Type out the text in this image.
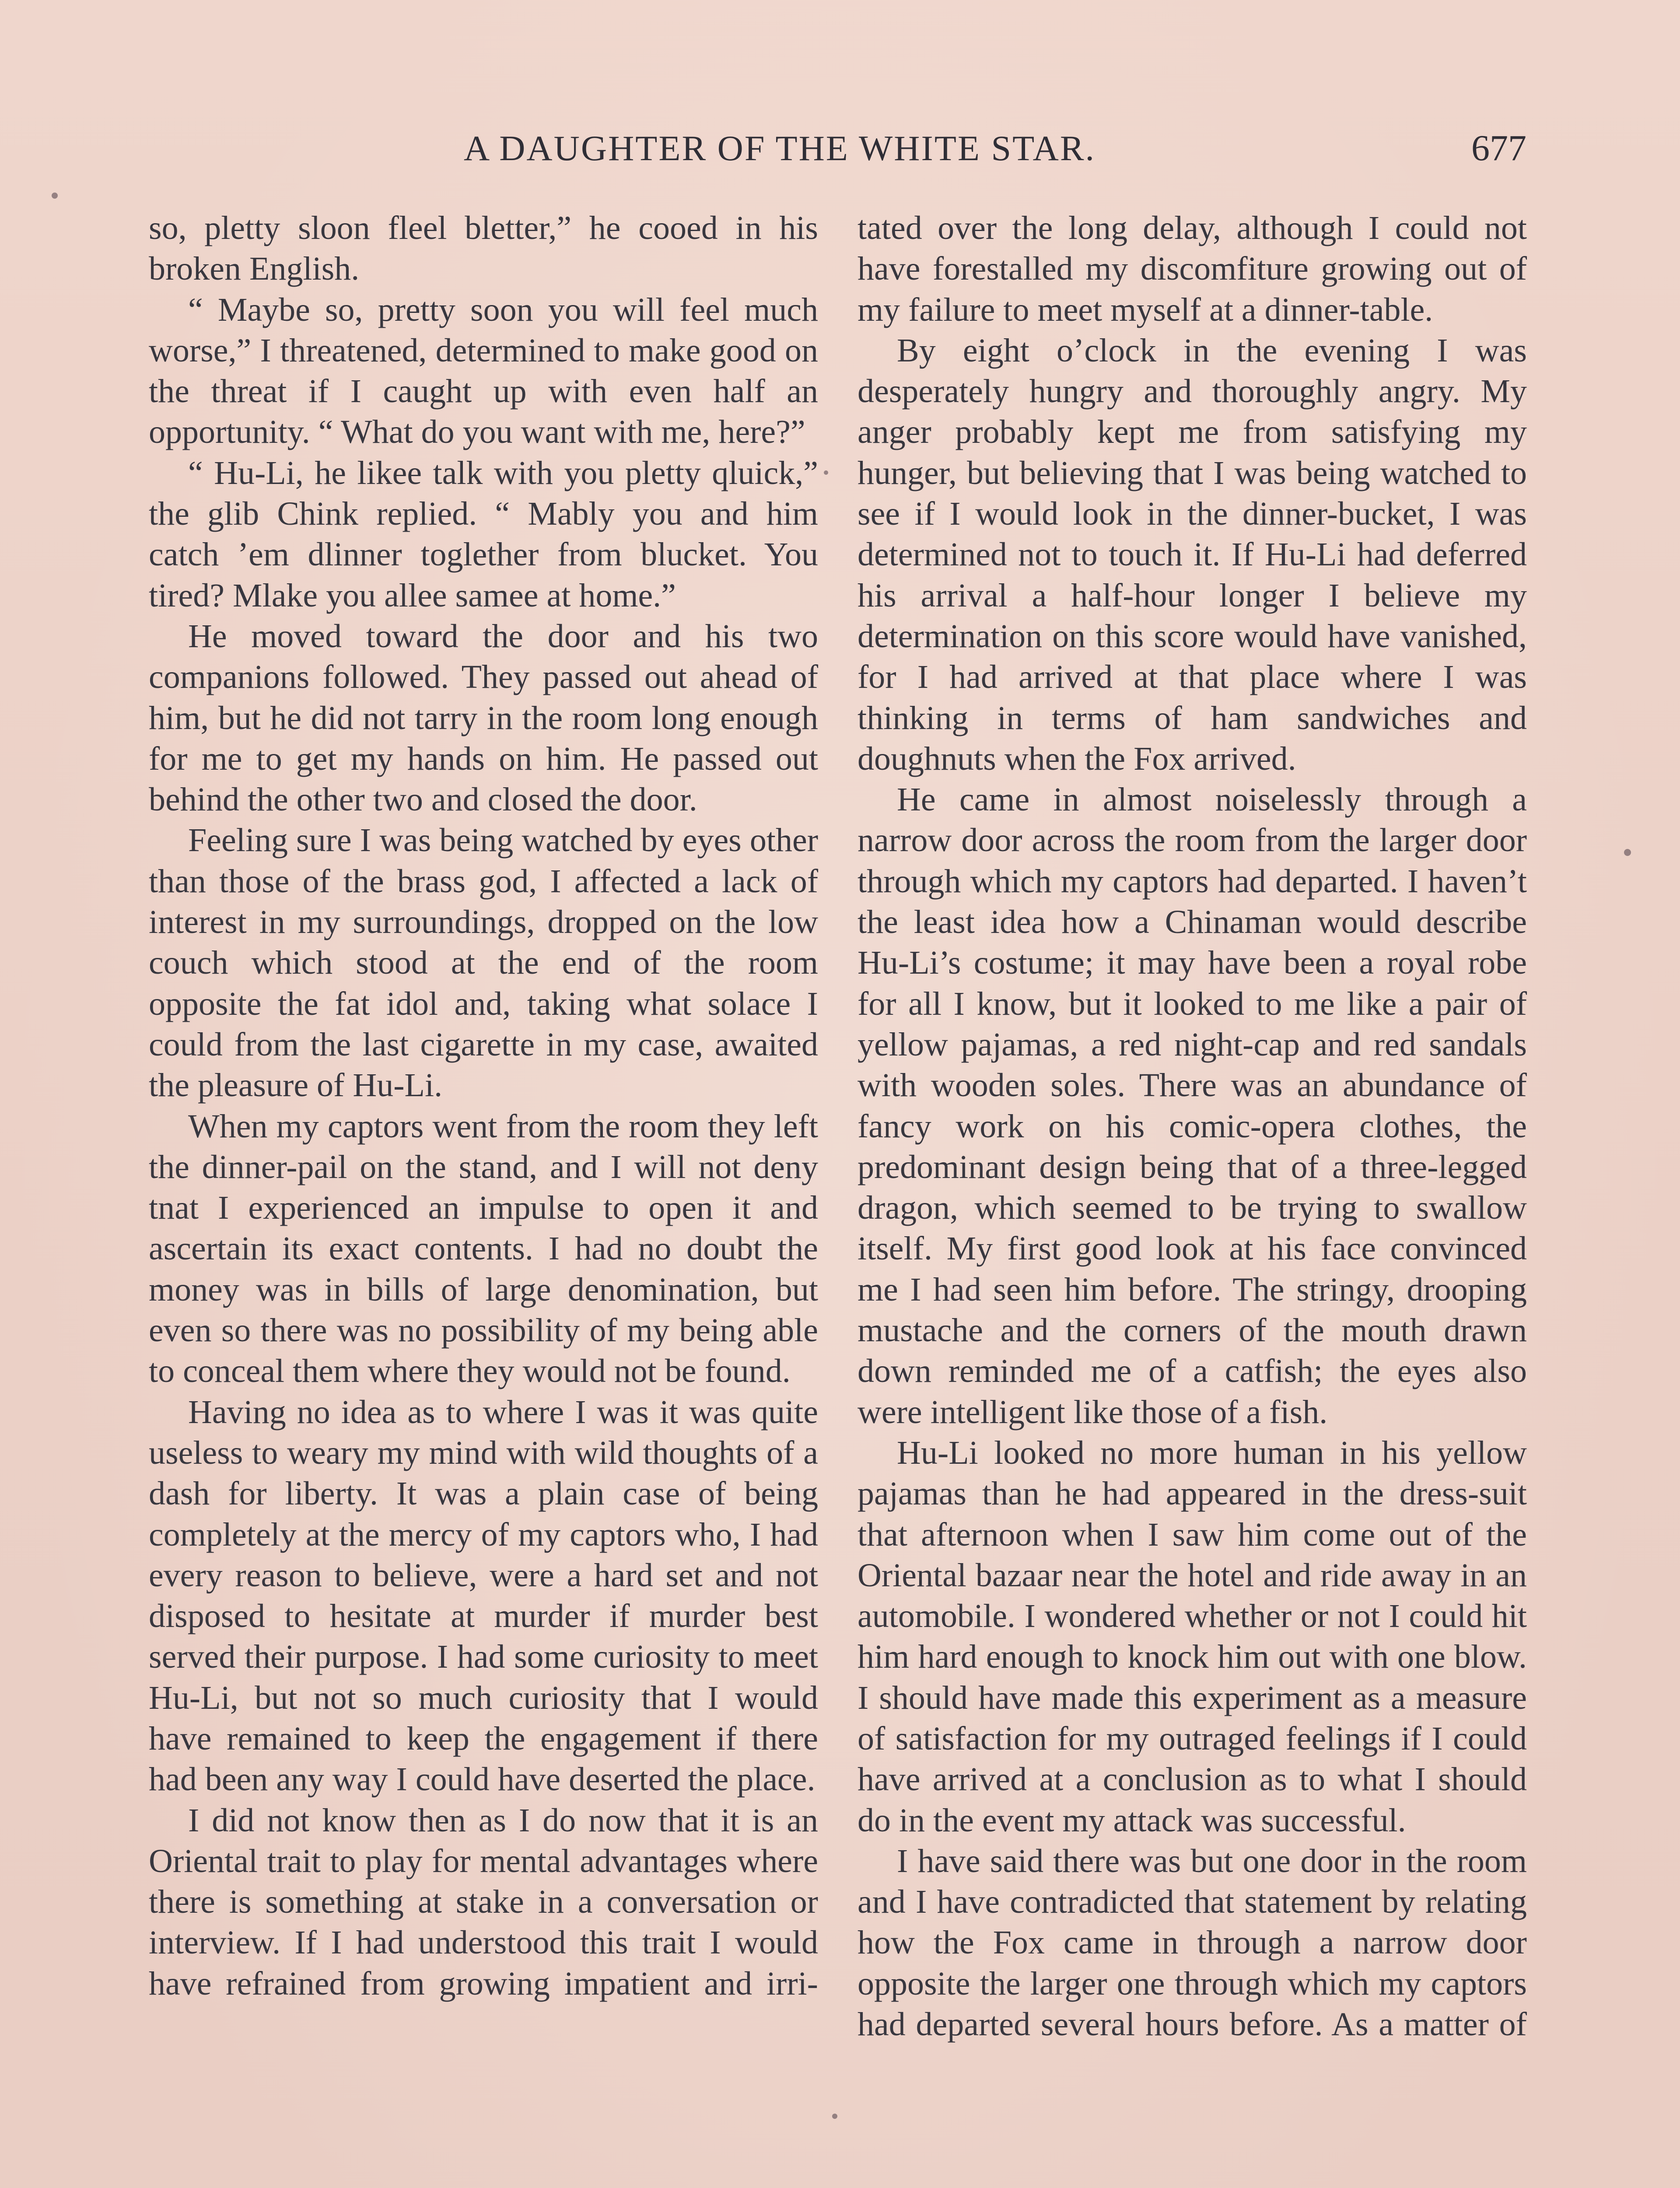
A DAUGHTER OF THE WHITE STAR.	677

so, pletty sloon fleel bletter,” he cooed in his broken English.

“ Maybe so, pretty soon you will feel much worse,” I threatened, determined to make good on the threat if I caught up with even half an opportunity. “ What do you want with me, here?”

“ Hu-Li, he likee talk with you pletty qluick,” the glib Chink replied. “ Mably you and him catch ’em dlinner toglether from blucket. You tired? Mlake you allee samee at home.”

He moved toward the door and his two companions followed. They passed out ahead of him, but he did not tarry in the room long enough for me to get my hands on him. He passed out behind the other two and closed the door.

Feeling sure I was being watched by eyes other than those of the brass god, I affected a lack of interest in my surroundings, dropped on the low couch which stood at the end of the room opposite the fat idol and, taking what solace I could from the last cigarette in my case, awaited the pleasure of Hu-Li.

When my captors went from the room they left the dinner-pail on the stand, and I will not deny tnat I experienced an impulse to open it and ascertain its exact contents. I had no doubt the money was in bills of large denomination, but even so there was no possibility of my being able to conceal them where they would not be found.

Having no idea as to where I was it was quite useless to weary my mind with wild thoughts of a dash for liberty. It was a plain case of being completely at the mercy of my captors who, I had every reason to believe, were a hard set and not disposed to hesitate at murder if murder best served their purpose. I had some curiosity to meet Hu-Li, but not so much curiosity that I would have remained to keep the engagement if there had been any way I could have deserted the place.

I did not know then as I do now that it is an Oriental trait to play for mental advantages where there is something at stake in a conversation or interview. If I had understood this trait I would have refrained from growing impatient and irri-

tated over the long delay, although I could not have forestalled my discomfiture growing out of my failure to meet myself at a dinner-table.

By eight o’clock in the evening I was desperately hungry and thoroughly angry. My anger probably kept me from satisfying my hunger, but believing that I was being watched to see if I would look in the dinner-bucket, I was determined not to touch it. If Hu-Li had deferred his arrival a half-hour longer I believe my determination on this score would have vanished, for I had arrived at that place where I was thinking in terms of ham sandwiches and doughnuts when the Fox arrived.

He came in almost noiselessly through a narrow door across the room from the larger door through which my captors had departed. I haven’t the least idea how a Chinaman would describe Hu-Li’s costume; it may have been a royal robe for all I know, but it looked to me like a pair of yellow pajamas, a red night-cap and red sandals with wooden soles. There was an abundance of fancy work on his comic-opera clothes, the predominant design being that of a three-legged dragon, which seemed to be trying to swallow itself. My first good look at his face convinced me I had seen him before. The stringy, drooping mustache and the corners of the mouth drawn down reminded me of a catfish; the eyes also were intelligent like those of a fish.

Hu-Li looked no more human in his yellow pajamas than he had appeared in the dress-suit that afternoon when I saw him come out of the Oriental bazaar near the hotel and ride away in an automobile. I wondered whether or not I could hit him hard enough to knock him out with one blow. I should have made this experiment as a measure of satisfaction for my outraged feelings if I could have arrived at a conclusion as to what I should do in the event my attack was successful.

I have said there was but one door in the room and I have contradicted that statement by relating how the Fox came in through a narrow door opposite the larger one through which my captors had departed several hours before. As a matter of
